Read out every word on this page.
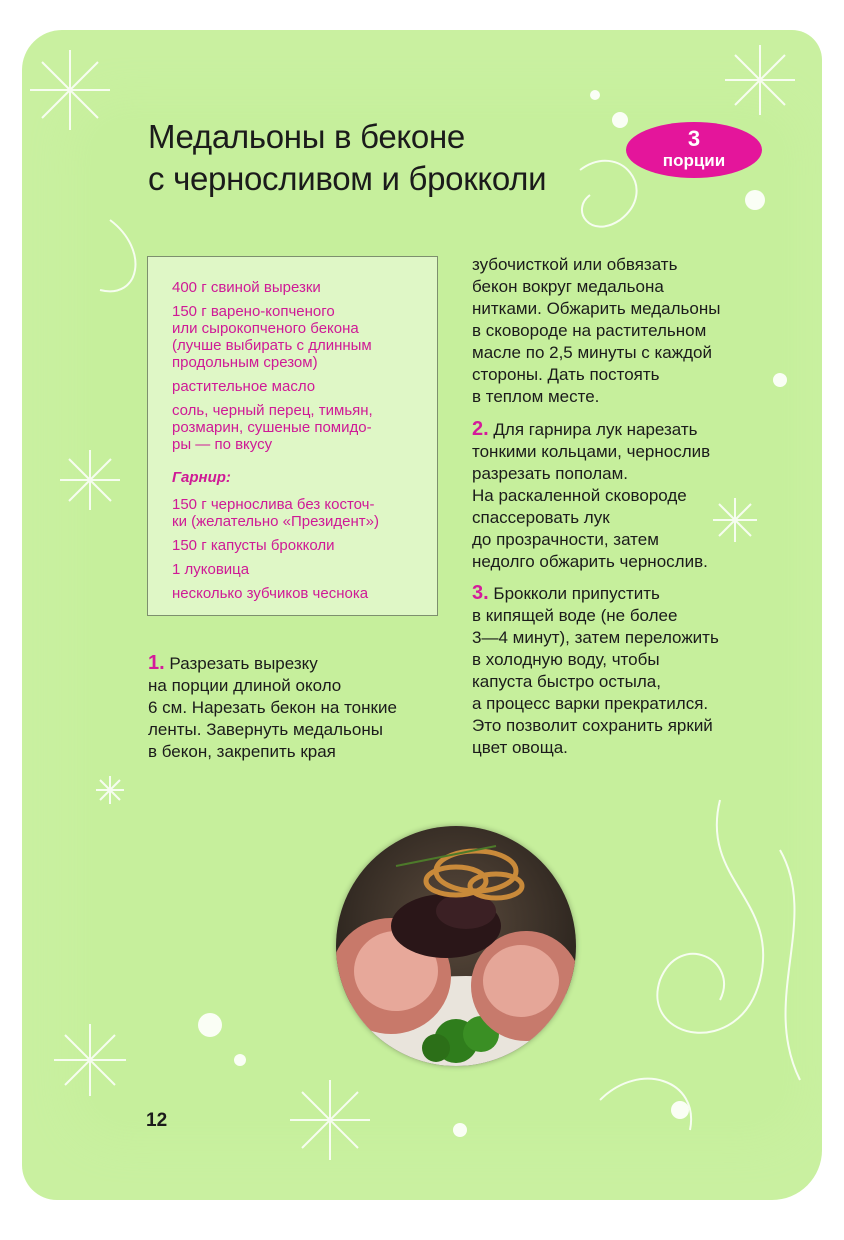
Медальоны в беконе
с черносливом и брокколи
3
порции
400 г свиной вырезки
150 г варено-копченого
или сырокопченого бекона
(лучше выбирать с длинным
продольным срезом)
растительное масло
соль, черный перец, тимьян,
розмарин, сушеные помидо-
ры — по вкусу
Гарнир:
150 г чернослива без косточ-
ки (желательно «Президент»)
150 г капусты брокколи
1 луковица
несколько зубчиков чеснока

1. Разрезать вырезку

на порции длиной около

6 см. Нарезать бекон на тонкие

ленты. Завернуть медальоны

в бекон, закрепить края

зубочисткой или обвязать

бекон вокруг медальона

нитками. Обжарить медальоны

в сковороде на растительном

масле по 2,5 минуты с каждой

стороны. Дать постоять

в теплом месте.

2. Для гарнира лук нарезать

тонкими кольцами, чернослив

разрезать пополам.

На раскаленной сковороде

спассеровать лук

до прозрачности, затем

недолго обжарить чернослив.

3. Брокколи припустить

в кипящей воде (не более

3—4 минут), затем переложить

в холодную воду, чтобы

капуста быстро остыла,

а процесс варки прекратился.

Это позволит сохранить яркий

цвет овоща.

12
